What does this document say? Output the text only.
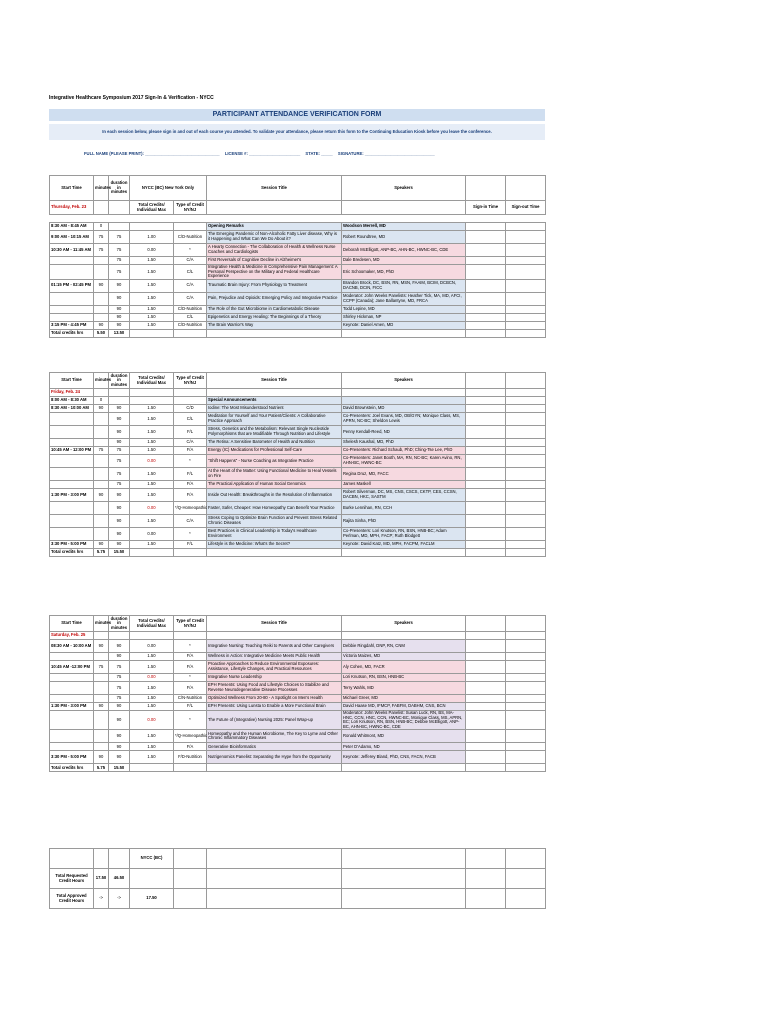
Integrative Healthcare Symposium 2017 Sign-In & Verification - NYCC
PARTICIPANT ATTENDANCE VERIFICATION FORM
In each session below, please sign in and out of each course you attended. To validate your attendance, please return this form to the Continuing Education Kiosk before you leave the conference.
FULL NAME (PLEASE PRINT): ________________________________ LICENSE #: ______________________ STATE: _____ SIGNATURE: ______________________________
Start Time	minutes	duration in minutes	NYCC (BC) New York Only		Session Title	Speakers		
Thursday, Feb. 23			Total Credits/ Individual Max	Type of Credit NY/NJ			Sign-in Time	Sign-out Time
8:30 AM - 8:45 AM	0				Opening Remarks	Woodson Merrell, MD		
9:00 AM - 10:15 AM	75	75	1.00	C/D-Nutrition	The Emerging Pandemic of Non-Alcoholic Fatty Liver disease, Why is it Happening and What Can We Do About it?	Robert Roundtree, MD		
10:30 AM - 11:45 AM	75	75	0.00	*	A Hearty Connection - The Collaboration of Health & Wellness Nurse Coaches and Cardiologists	Deborah McElligott, ANP-BC, AHN-BC, HWNC-BC, CDE		
		75	1.50	C/A	First Reversals of Cognitive Decline in Alzheimer's	Dale Bredesen, MD		
		75	1.50	C/L	Integrative Health & Medicine in Comprehensive Pain Management: A Personal Perspective on the Military and Federal Healthcare Experience	Eric Schoomaker, MD, PhD		
01:15 PM - 02:45 PM	90	90	1.50	C/A	Traumatic Brain Injury: From Physiology to Treatment	Brandon Brock, DC, BSN, RN, MSN, FAAIM, BCIM, DCBCN, DACNB, DCIN, FICC		
		90	1.50	C/A	Pain, Prejudice and Opioids: Emerging Policy and Integrative Practice	Moderator: John Weeks Panelists: Heather Tick, MA, MD, AFCI, CCPP (Canada); Jane Ballantyne, MD, FRCA		
		90	1.50	C/D-Nutrition	The Role of the Gut Microbiome in Cardiometabolic Disease	Todd Lepine, MD		
		90	1.50	C/L	Epigenetics and Energy Healing: The Beginnings of a Theory	Shirley Hickman, NP		
3:15 PM - 4:45 PM	90	90	1.50	C/D-Nutrition	The Brain Warrior's Way	Keynote: Daniel Amen, MD		
Total credits hrs	5.50	13.50						
Start Time	minutes	duration in minutes	Total Credits/ Individual Max	Type of Credit NY/NJ	Session Title	Speakers		
Friday, Feb. 24								
8:00 AM - 8:30 AM	0				Special Announcements			
8:30 AM - 10:00 AM	90	90	1.50	C/D	Iodine: The Most Misunderstood Nutrient	David Brownstein, MD		
		90	1.50	C/L	Meditation for Yourself and Your Patient/Clients: A Collaborative Practice Approach	Co-Presenters: Joel Evans, MD, OB/GYN; Monique Class, MS, APRN, NC-BC; Sheldon Lewis		
		90	1.50	F/L	Stress, Genetics and the Metabolism: Relevant Single Nucleotide Polymorphisms that are Modifiable Through Nutrition and Lifestyle	Penny Kendall-Reed, ND		
		90	1.50	C/A	The Retina: A Sensitive Barometer of Health and Nutrition	Shelesh Kaushal, MD, PhD		
10:45 AM - 12:00 PM	75	75	1.50	F/A	Energy (IC) Medications for Professional Self-Care	Co-Presenters: Richard Schaub, PhD; Ching-Tse Lee, PhD		
		75	0.00	*	"Shift Happens" - Nurse Coaching as Integrative Practice	Co-Presenters: Janet Booth, MA, RN, NC-BC; Karen Avino, RN, AHN-BC, HWNC-BC		
		75	1.50	F/L	At the Heart of the Matter: Using Functional Medicine to Heal Vessels on Fire	Regina Druz, MD, FACC		
		75	1.50	F/A	The Practical Application of Human Social Genomics	James Maskell		
1:30 PM - 3:00 PM	90	90	1.50	F/A	Inside Out Health: Breakthroughs in the Resolution of Inflammation	Robert Silverman, DC, MS, CNS, CSCS, CKTP, CES, CCSN, DACBN, HKC, SASTM		
		90	0.00	*/Q-Homeopathic	Faster, Safer, Cheaper: How Homeopathy Can Benefit Your Practice	Burke Lennihan, RN, CCH		
		90	1.50	C/A	Stress Coping to Optimize Brain Function and Prevent Stress Related Chronic Diseases	Rajita Sinha, PhD		
		90	0.00	*	Best Practices in Clinical Leadership in Today's Healthcare Environment	Co-Presenters: Lori Knutson, RN, BSN, HNB-BC; Adam Perlman, MD, MPH, FACP; Ruth Blodgett		
3:30 PM - 5:00 PM	90	90	1.50	F/L	Lifestyle is the Medicine: What's the Secret?	Keynote: David Katz, MD, MPH, FACPM, FACLM		
Total credits hrs	5.75	15.50						
Start Time	minutes	duration in minutes	Total Credits/ Individual Max	Type of Credit NY/NJ	Session Title	Speakers		
Saturday, Feb. 25								
08:30 AM - 10:00 AM	90	90	0.00	*	Integrative Nursing: Teaching Reiki to Parents and Other Caregivers	Debbie Ringdahl, DNP, RN, CNM		
		90	1.50	F/A	Wellness in Action: Integrative Medicine Meets Public Health	Victoria Maizes, MD		
10:45 AM -12:00 PM	75	75	1.50	F/A	Proactive Approaches to Reduce Environmental Exposures: Assistance, Lifestyle Changes, and Practical Resources	Aly Cohen, MD, FACR		
		75	0.00	*	Integrative Nurse Leadership	Lori Knutson, RN, BSN, HNB-BC		
		75	1.50	F/A	EPH Presents: Using Food and Lifestyle Choices to Stabilize and Reverse Neurodegenerative Disease Processes	Terry Wahls, MD		
		75	1.50	C/N-Nutrition	Optimized Wellness From 20-80 - A Spotlight on Men's Health	Michael Greer, MD		
1:30 PM - 3:00 PM	90	90	1.50	F/L	EPH Presents: Using Lunsta to Enable a More Functional Brain	David Haase MD, IFMCP, FABFM, DABHM, CNS, BCN		
		90	0.00	*	The Future of (Integrative) Nursing 2025: Panel Wrap-up	Moderator: John Weeks Panelist: Susan Luck, RN, BS, MA-HNC, CCN, HNC, CCN, HWNC-BC, Monique Class, MS, APRN, BC; Lori Knutson, RN, BSN, HNB-BC; Debbie McElligott, ANP-BC, AHN-BC, HWNC-BC, CDE		
		90	1.50	*/Q-Homeopathic	Homeopathy and the Human Microbiome, The Key to Lyme and Other Chronic Inflammatory Diseases	Ronald Whitmont, MD		
		90	1.50	F/A	Generative Bioinformatics	Peter D'Adamo, ND		
3:30 PM - 5:00 PM	90	90	1.50	F/D-Nutrition	Nutrigenomics Panelist: Separating the Hype from the Opportunity	Keynote: Jefferey Bland, PhD, CNS, FACN, FACB		
Total credits hrs	5.75	15.50						
			NYCC (BC)					
Total Requested Credit Hours	17.50	46.50						
Total Approved Credit Hours	->	->	17.50					
